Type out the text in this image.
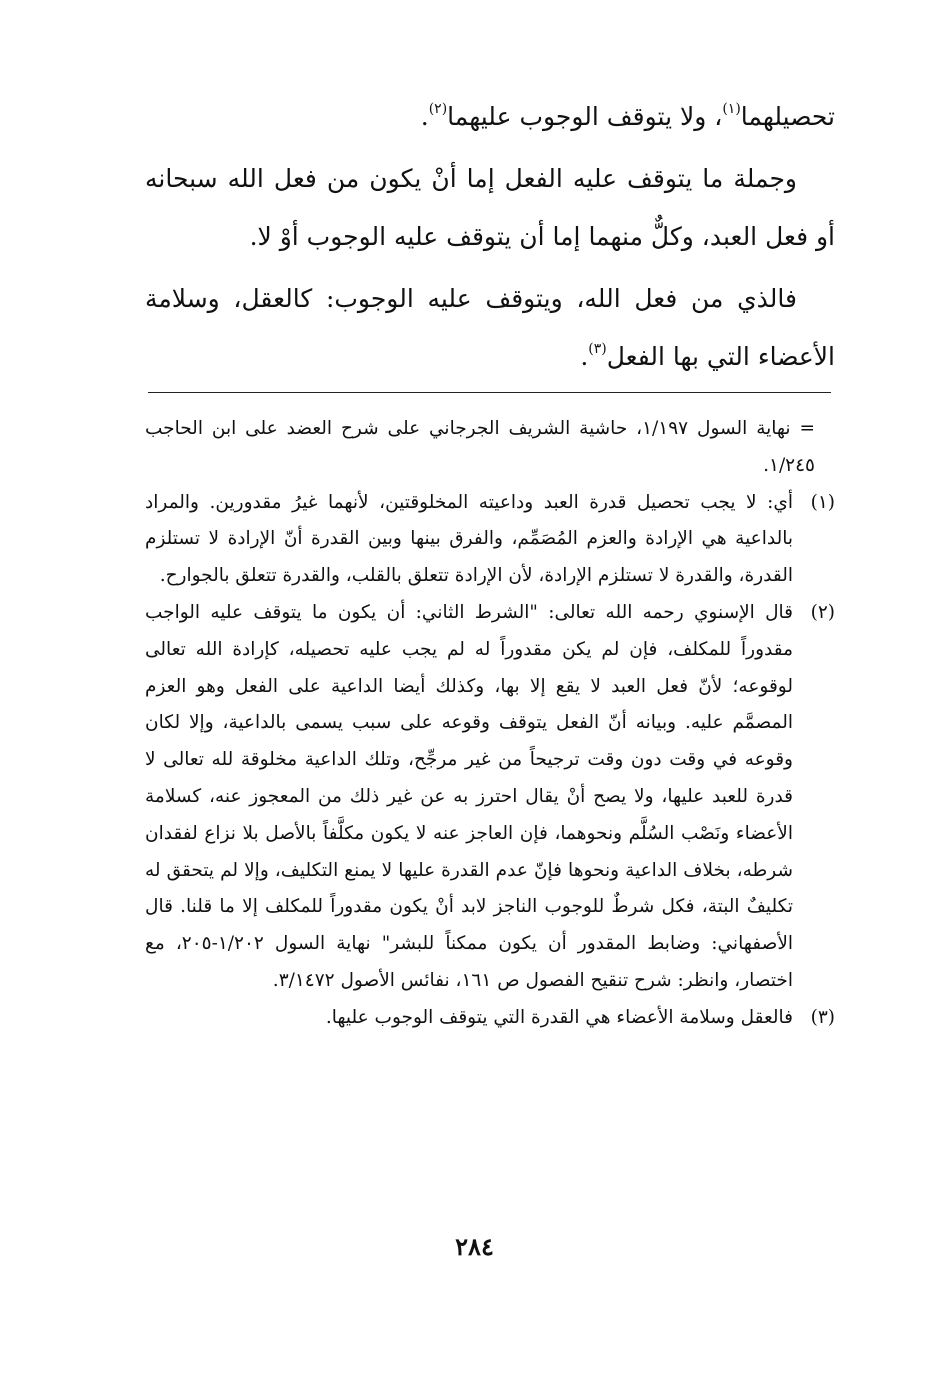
تحصيلهما$^{(١)}$، ولا يتوقف الوجوب عليهما$^{(٢)}$.

وجملة ما يتوقف عليه الفعل إما أنْ يكون من فعل الله سبحانه أو فعل العبد، وكلٌّ منهما إما أن يتوقف عليه الوجوب أوْ لا.

فالذي من فعل الله، ويتوقف عليه الوجوب: كالعقل، وسلامة الأعضاء التي بها الفعل$^{(٣)}$.

= نهاية السول ١/١٩٧، حاشية الشريف الجرجاني على شرح العضد على ابن الحاجب ١/٢٤٥.
(١)
أي: لا يجب تحصيل قدرة العبد وداعيته المخلوقتين، لأنهما غيرُ مقدورين. والمراد بالداعية هي الإرادة والعزم المُصَمِّم، والفرق بينها وبين القدرة أنّ الإرادة لا تستلزم القدرة، والقدرة لا تستلزم الإرادة، لأن الإرادة تتعلق بالقلب، والقدرة تتعلق بالجوارح.
(٢)
قال الإسنوي رحمه الله تعالى: "الشرط الثاني: أن يكون ما يتوقف عليه الواجب مقدوراً للمكلف، فإن لم يكن مقدوراً له لم يجب عليه تحصيله، كإرادة الله تعالى لوقوعه؛ لأنّ فعل العبد لا يقع إلا بها، وكذلك أيضا الداعية على الفعل وهو العزم المصمَّم عليه. وبيانه أنّ الفعل يتوقف وقوعه على سبب يسمى بالداعية، وإلا لكان وقوعه في وقت دون وقت ترجيحاً من غير مرجِّح، وتلك الداعية مخلوقة لله تعالى لا قدرة للعبد عليها، ولا يصح أنْ يقال احترز به عن غير ذلك من المعجوز عنه، كسلامة الأعضاء ونَصْب السُلَّم ونحوهما، فإن العاجز عنه لا يكون مكلَّفاً بالأصل بلا نزاع لفقدان شرطه، بخلاف الداعية ونحوها فإنّ عدم القدرة عليها لا يمنع التكليف، وإلا لم يتحقق له تكليفٌ البتة، فكل شرطٌ للوجوب الناجز لابد أنْ يكون مقدوراً للمكلف إلا ما قلنا. قال الأصفهاني: وضابط المقدور أن يكون ممكناً للبشر" نهاية السول ١/٢٠٢-٢٠٥، مع اختصار، وانظر: شرح تنقيح الفصول ص ١٦١، نفائس الأصول ٣/١٤٧٢.
(٣)
فالعقل وسلامة الأعضاء هي القدرة التي يتوقف الوجوب عليها.
٢٨٤
